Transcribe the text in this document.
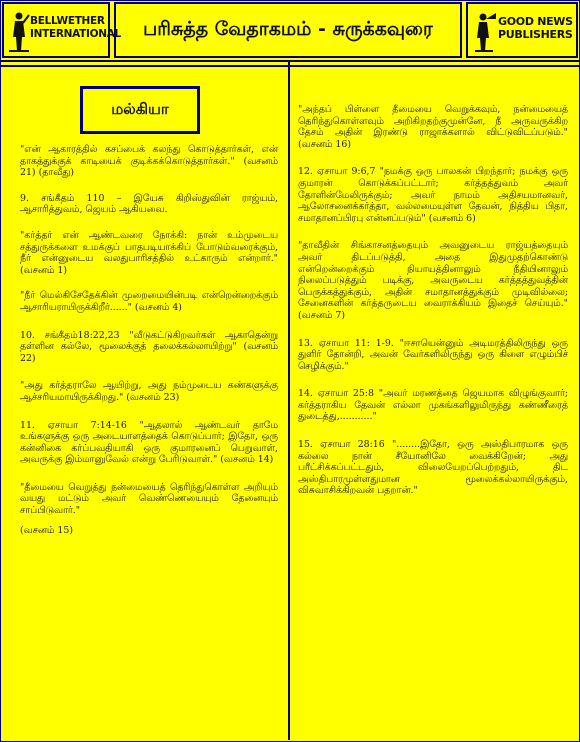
BELLWETHER
INTERNATIONAL பரிசுத்த வேதாகமம் - சுருக்கவுரை	GOOD NEWS
PUBLISHERS
மல்கியா

"என் ஆகாரத்தில் கசப்பைக் கலந்து கொடுத்தார்கள், என் தாகத்துக்குக் காடியைக் குடிக்கக்கொடுத்தார்கள்." (வசனம் 21) (தாவீது)

9. சங்கீதம் 110 – இயேசு கிறிஸ்துவின் ராஜ்யம், ஆசாரித்துவம், ஜெயம் ஆகியவை.

"கர்த்தர் என் ஆண்டவரை நோக்கி: நான் உம்முடைய சத்துருக்களை உமக்குப் பாதபடியாக்கிப் போடும்வரைக்கும், நீர் என்னுடைய வலதுபாரிசத்தில் உட்காரும் என்றார்." (வசனம் 1)

"நீர் மெல்கிசேதேக்கின் முறைமையின்படி என்றென்றைக்கும் ஆசாரியராயிருக்கிறீர்......" (வசனம் 4)

10. சங்கீதம்18:22,23 "வீடுகட்டுகிறவர்கள் ஆகாதென்று தள்ளின கல்லே, மூலைக்குத் தலைக்கல்லாயிற்று" (வசனம் 22)

"அது கர்த்தராலே ஆயிற்று, அது நம்முடைய கண்களுக்கு ஆச்சரியமாயிருக்கிறது." (வசனம் 23)

11. ஏசாயா 7:14-16 "ஆதலால் ஆண்டவர் தாமே உங்களுக்கு ஒரு அடையாளத்தைக் கொடுப்பார்; இதோ, ஒரு கன்னிகை கர்ப்பவதியாகி ஒரு குமாரனைப் பெறுவாள், அவருக்கு இம்மானுவேல் என்று பேரிடுவாள்." (வசனம் 14)

"தீமையை வெறுத்து நன்மையைத் தெரிந்துகொள்ள அறியும் வயது மட்டும் அவர் வெண்ணெயையும் தேனையும் சாப்பிடுவார்."

(வசனம் 15)

"அந்தப் பிள்ளை தீமையை வெறுக்கவும், நன்மையைத் தெரிந்துகொள்ளவும் அறிகிறதற்குமுன்னே, நீ அருவருக்கிற தேசம் அதின் இரண்டு ராஜாக்களால் விட்டுவிடப்படும்." (வசனம் 16)

12. ஏசாயா 9:6,7 "நமக்கு ஒரு பாலகன் பிறந்தார்; நமக்கு ஒரு குமாரன் கொடுக்கப்பட்டார்; கர்த்தத்துவம் அவர் தோளின்மேலிருக்கும்; அவர் நாமம் அதிசயமானவர், ஆலோசனைக்கர்த்தா, வல்லமையுள்ள தேவன், நித்திய பிதா, சமாதானப்பிரபு என்னப்படும்" (வசனம் 6)

"தாவீதின் சிங்காசனத்தையும் அவனுடைய ராஜ்யத்தையும் அவர் திடப்படுத்தி, அதை இதுமுதற்கொண்டு என்றென்றைக்கும் நியாயத்தினாலும் நீதியினாலும் நிலைப்படுத்தும் படிக்கு, அவருடைய கர்த்தத்துவத்தின் பெருக்கத்துக்கும், அதின் சமாதானத்துக்கும் முடிவில்லை; சேனைகளின் கர்த்தருடைய வைராக்கியம் இதைச் செய்யும்." (வசனம் 7)

13. ஏசாயா 11: 1-9. "ஈசாயென்னும் அடிமரத்திலிருந்து ஒரு துளிர் தோன்றி, அவன் வேர்களிலிருந்து ஒரு கிளை எழும்பிச் செழிக்கும்."

14. ஏசாயா 25:8 "அவர் மரணத்தை ஜெயமாக விழுங்குவார்; கர்த்தராகிய தேவன் எல்லா முகங்களிலுமிருந்து கண்ணீரைத் துடைத்து,..........."

15. ஏசாயா 28:16 "........இதோ, ஒரு அஸ்திபாரமாக ஒரு கல்லை நான் சீயோனிலே வைக்கிறேன்; அது பரீட்சிக்கப்பட்டதும், விலையேறப்பெற்றதும், திட அஸ்திபாரமுள்ளதுமான மூலைக்கல்லாயிருக்கும், விசுவாசிக்கிறவன் பதறான்."
